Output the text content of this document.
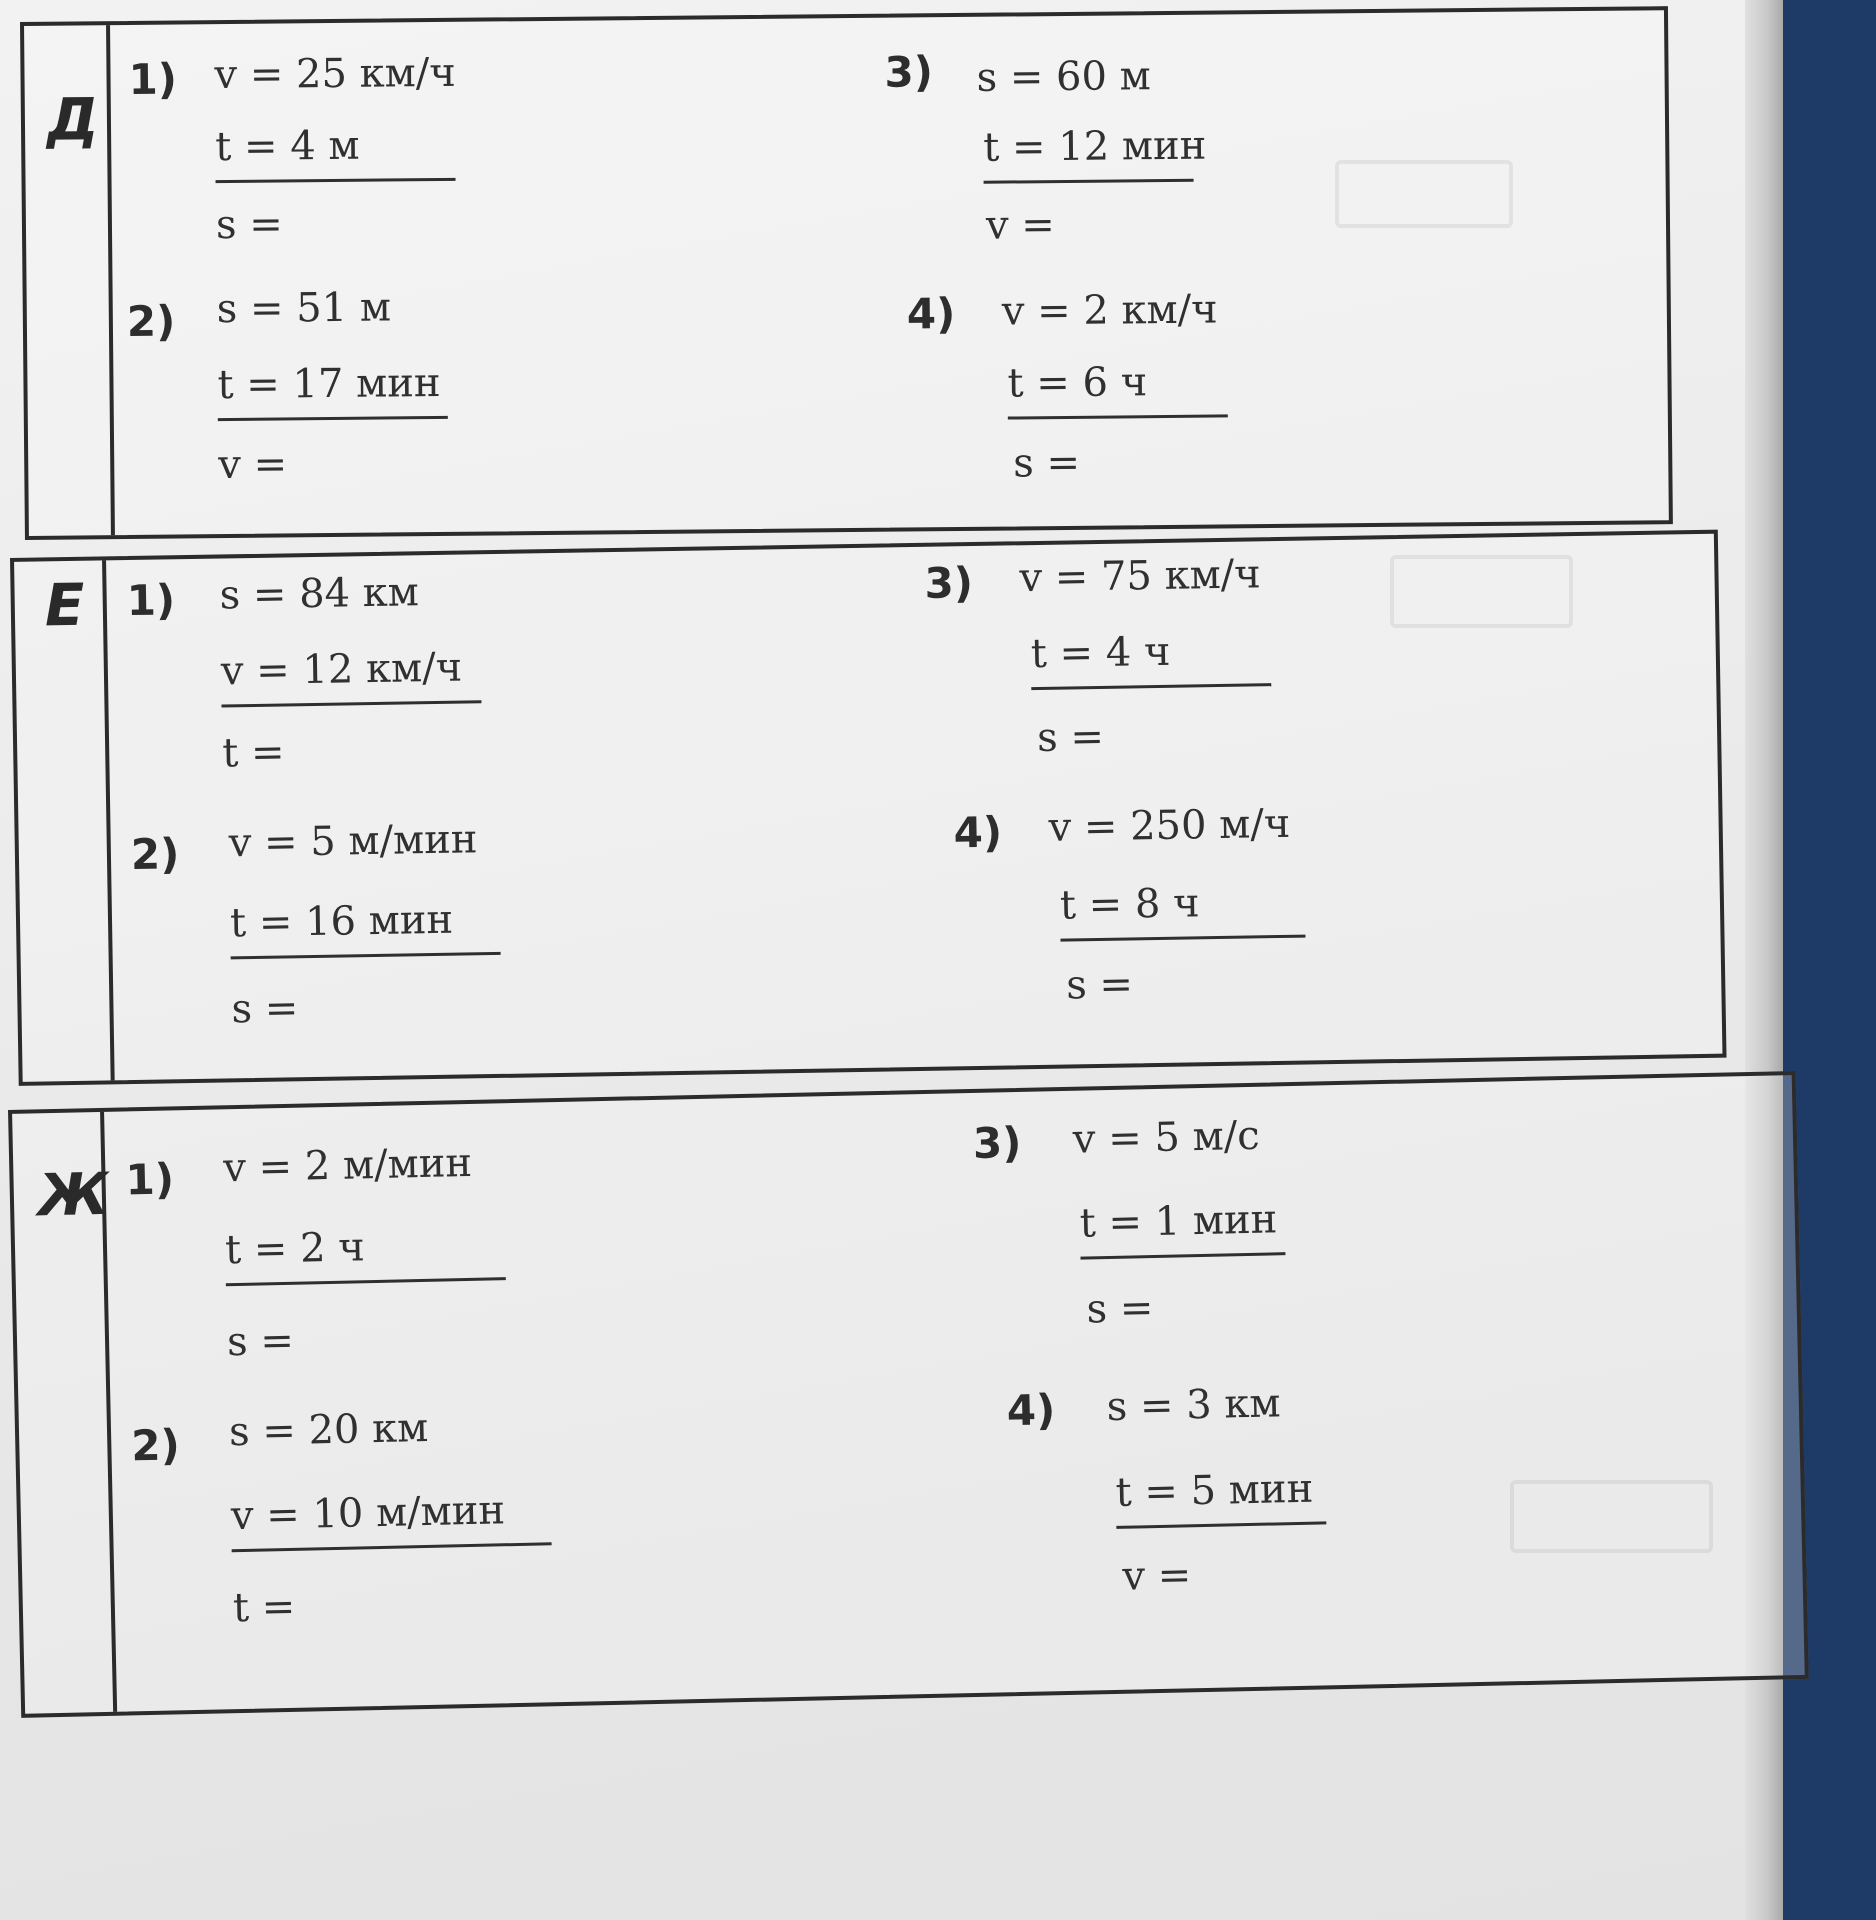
Д
1) v = 25 км/ч
t = 4 м
s =
2) s = 51 м
t = 17 мин
v =
3) s = 60 м
t = 12 мин
v =
4) v = 2 км/ч
t = 6 ч
s =
Е 1) s = 84 км
v = 12 км/ч
t =
2) v = 5 м/мин
t = 16 мин
s =
3) v = 75 км/ч
t = 4 ч
s =
4) v = 250 м/ч
t = 8 ч
s =
Ж 1) v = 2 м/мин
t = 2 ч
s =
2) s = 20 км
v = 10 м/мин
t =
3) v = 5 м/с
t = 1 мин
s =
4) s = 3 км
t = 5 мин
v =
